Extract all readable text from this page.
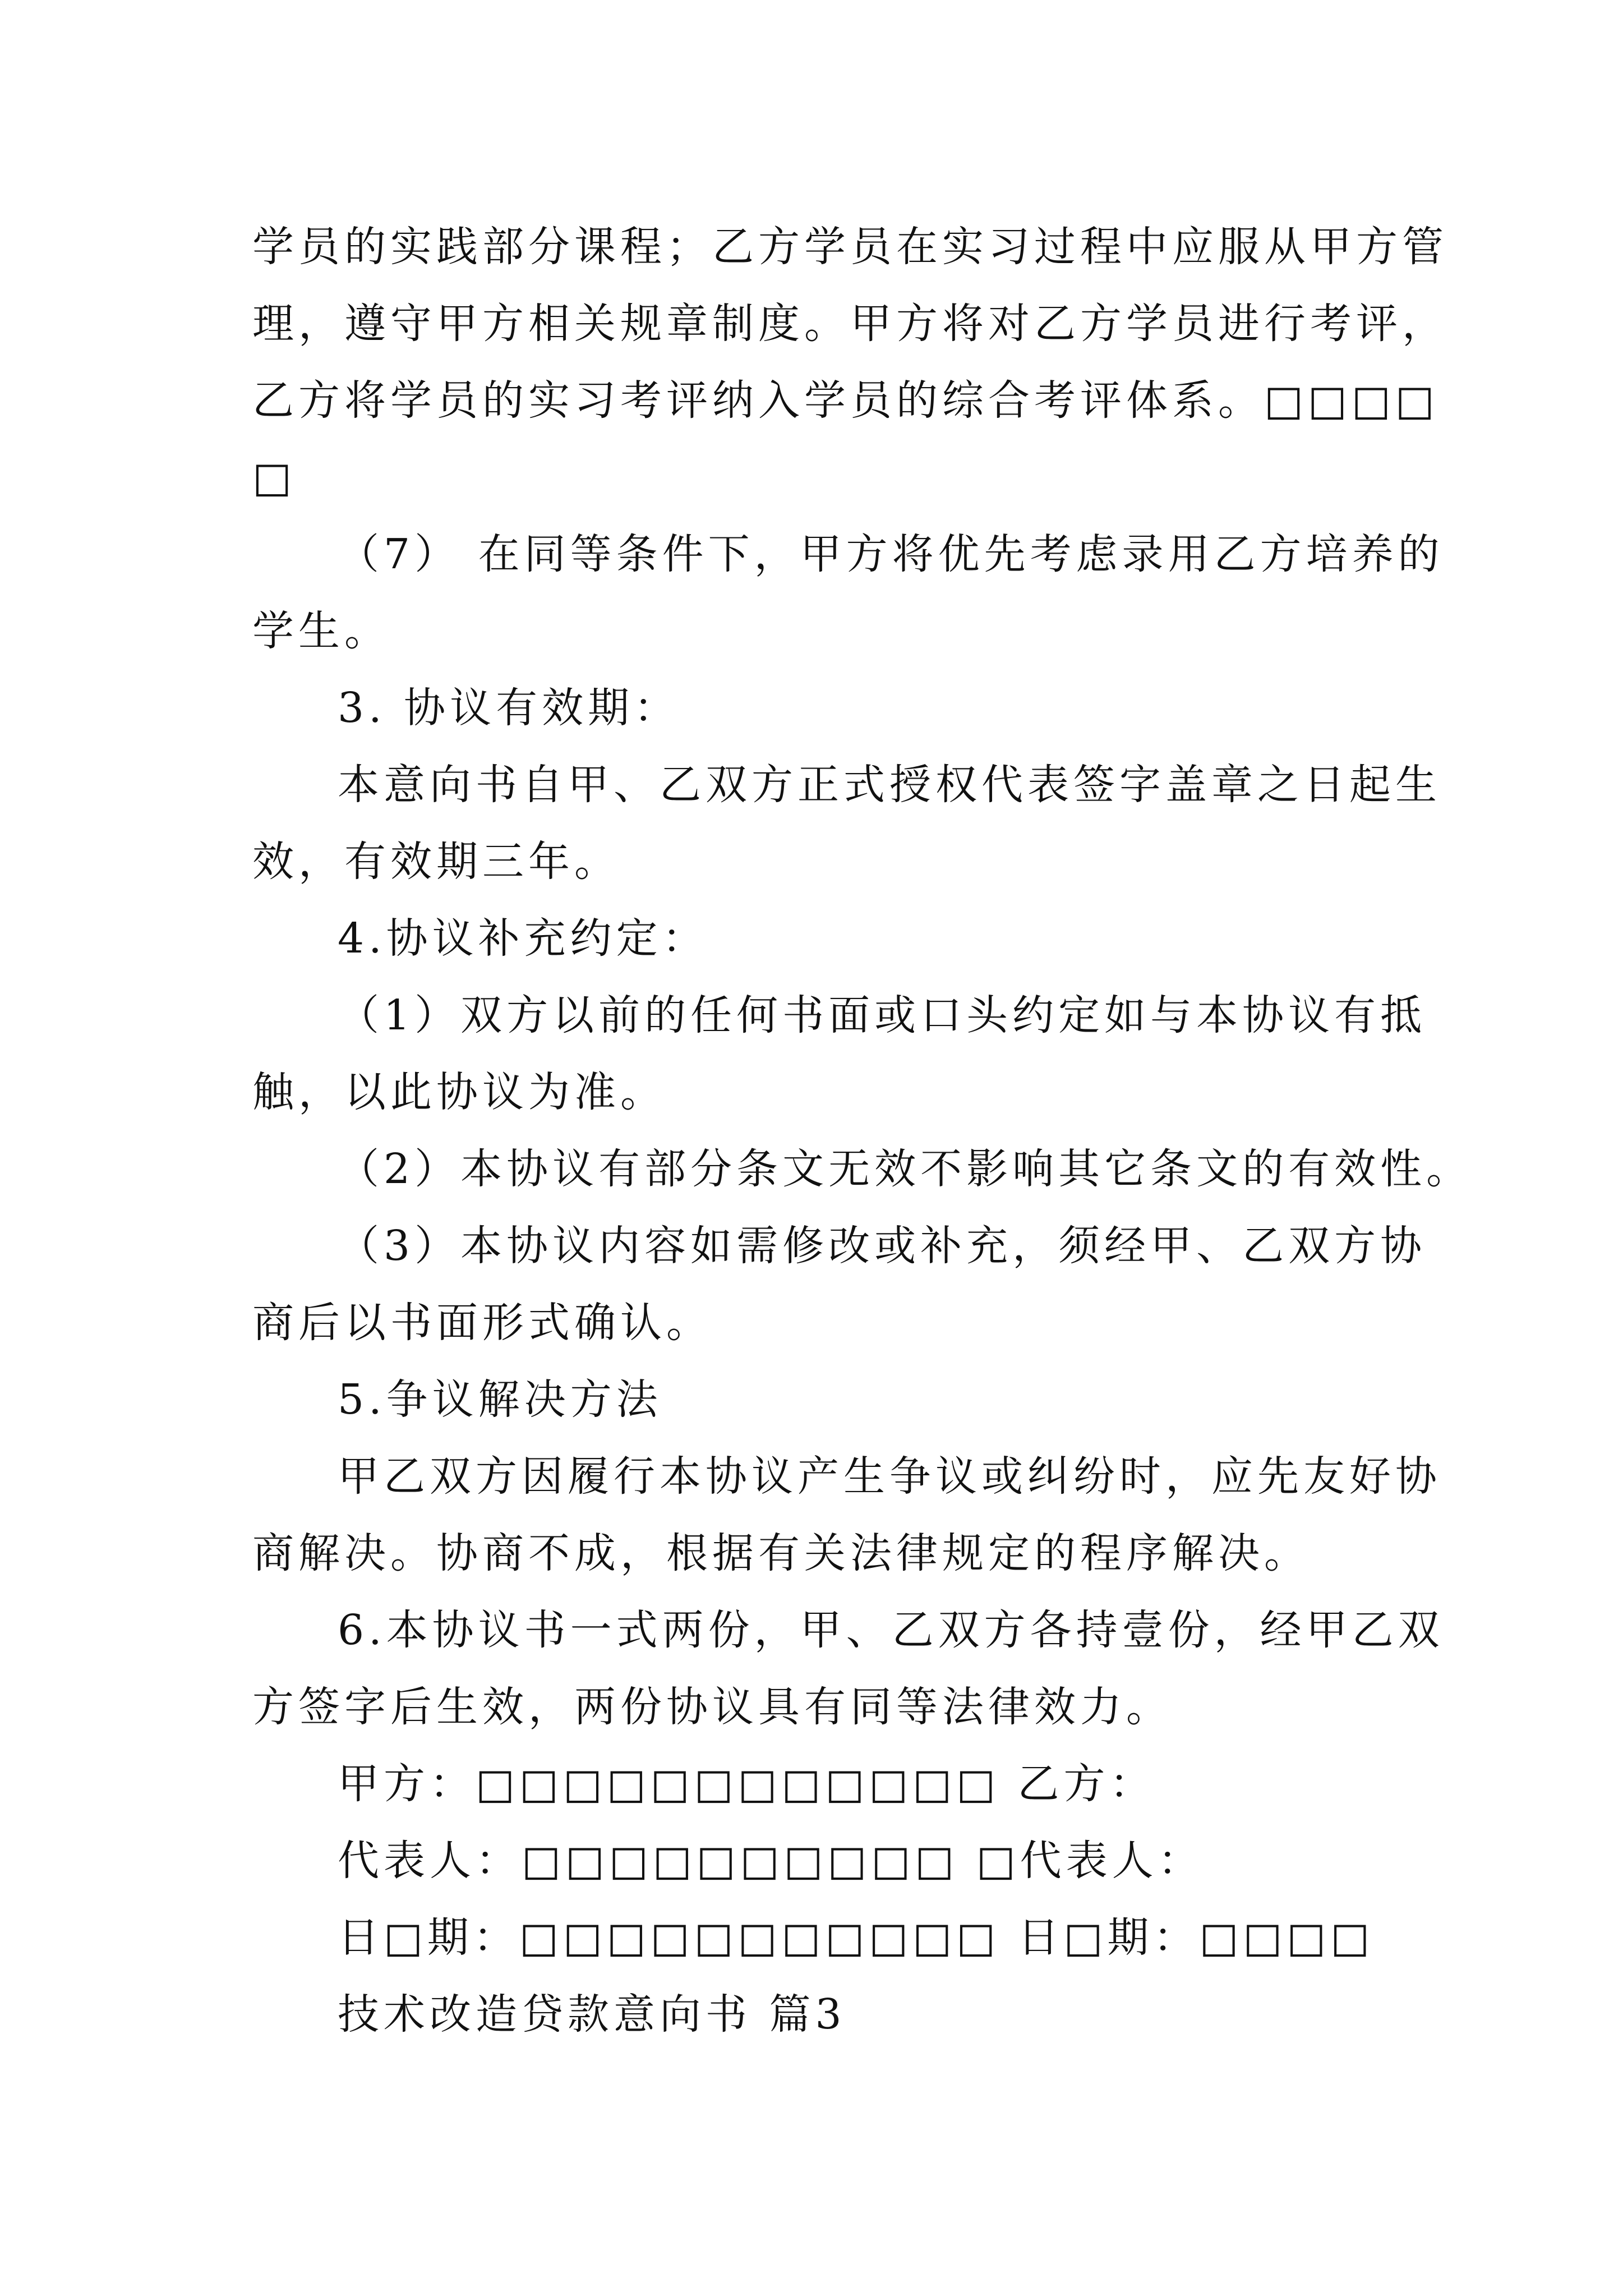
学员的实践部分课程；乙方学员在实习过程中应服从甲方管
理，遵守甲方相关规章制度。甲方将对乙方学员进行考评，
乙方将学员的实习考评纳入学员的综合考评体系。□□□□
□
（7） 在同等条件下，甲方将优先考虑录用乙方培养的
学生。
3. 协议有效期：
本意向书自甲、乙双方正式授权代表签字盖章之日起生
效，有效期三年。
4.协议补充约定：
（1）双方以前的任何书面或口头约定如与本协议有抵
触，以此协议为准。
（2）本协议有部分条文无效不影响其它条文的有效性。
（3）本协议内容如需修改或补充，须经甲、乙双方协
商后以书面形式确认。
5.争议解决方法
甲乙双方因履行本协议产生争议或纠纷时，应先友好协
商解决。协商不成，根据有关法律规定的程序解决。
6.本协议书一式两份，甲、乙双方各持壹份，经甲乙双
方签字后生效，两份协议具有同等法律效力。
甲方：□□□□□□□□□□□□ 乙方：
代表人：□□□□□□□□□□ □代表人：
日□期：□□□□□□□□□□□ 日□期：□□□□
技术改造贷款意向书 篇3
